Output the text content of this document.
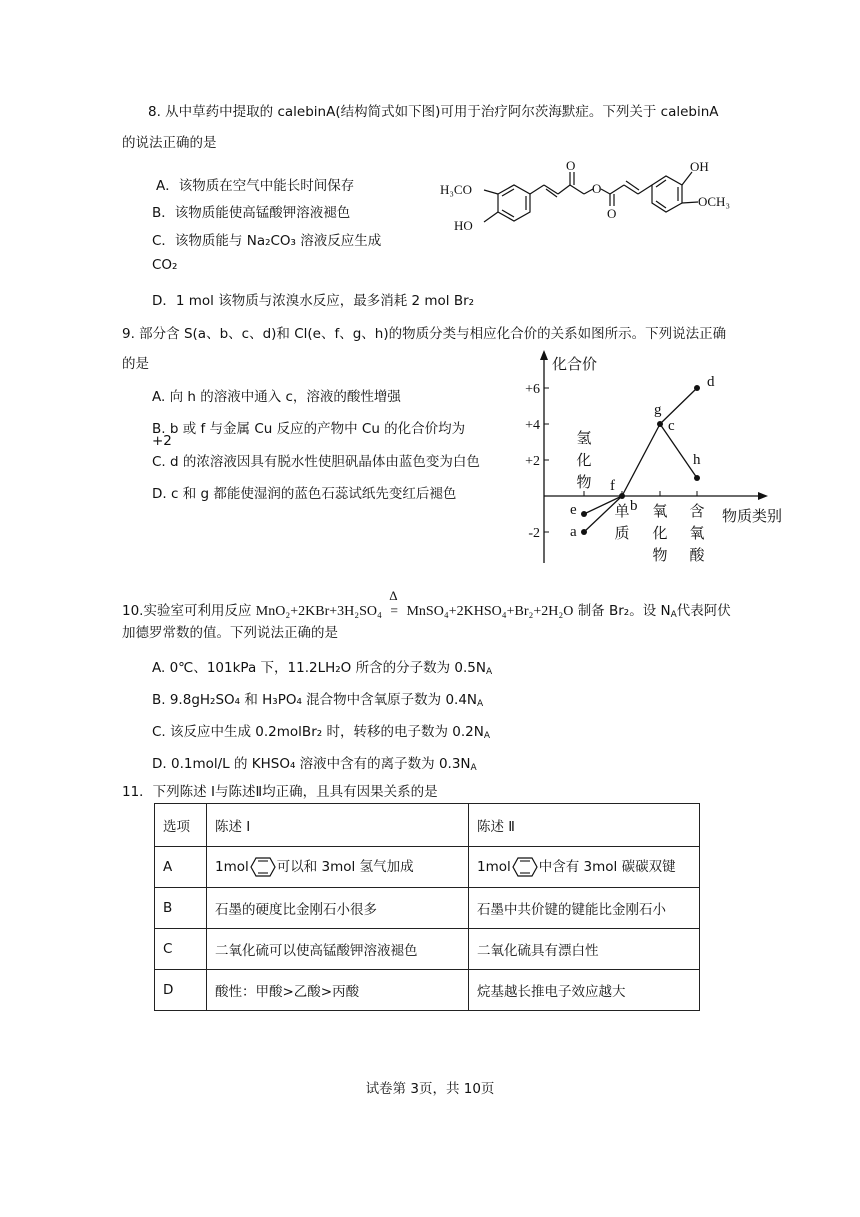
8. 从中草药中提取的 calebinA(结构简式如下图)可用于治疗阿尔茨海默症。下列关于 calebinA
的说法正确的是
A．该物质在空气中能长时间保存
B．该物质能使高锰酸钾溶液褪色
C．该物质能与 Na₂CO₃ 溶液反应生成
CO₂
D．1 mol 该物质与浓溴水反应，最多消耗 2 mol Br₂
H₃CO
HO
O
O
O
OH
OCH₃
9. 部分含 S(a、b、c、d)和 Cl(e、f、g、h)的物质分类与相应化合价的关系如图所示。下列说法正确
的是
A. 向 h 的溶液中通入 c，溶液的酸性增强
B. b 或 f 与金属 Cu 反应的产物中 Cu 的化合价均为
+2
C. d 的浓溶液因具有脱水性使胆矾晶体由蓝色变为白色
D. c 和 g 都能使湿润的蓝色石蕊试纸先变红后褪色
化合价
物质类别
+6
+4
+2
-2
氢
化
物
单
质
氧
化
物
含
氧
酸
a
e	b
f
g
c
d
h
10.实验室可利用反应 MnO₂+2KBr+3H₂SO₄
Δ
= MnSO₄+2KHSO₄+Br₂+2H₂O 制备 Br₂。设 $N_A$代表阿伏
加德罗常数的值。下列说法正确的是
A. 0℃、101kPa 下，11.2LH₂O 所含的分子数为 $0.5N_A$
B. 9.8gH₂SO₄ 和 H₃PO₄ 混合物中含氧原子数为 $0.4N_A$
C. 该反应中生成 0.2molBr₂ 时，转移的电子数为 $0.2N_A$
D. 0.1mol/L 的 KHSO₄ 溶液中含有的离子数为 $0.3N_A$
11．下列陈述 Ⅰ与陈述Ⅱ均正确，且具有因果关系的是
选项	陈述 Ⅰ	陈述 Ⅱ
A	1mol 可以和 3mol 氢气加成	1mol 中含有 3mol 碳碳双键
B	石墨的硬度比金刚石小很多	石墨中共价键的键能比金刚石小
C	二氧化硫可以使高锰酸钾溶液褪色	二氧化硫具有漂白性
D	酸性：甲酸>乙酸>丙酸	烷基越长推电子效应越大
试卷第 3页，共 10页
